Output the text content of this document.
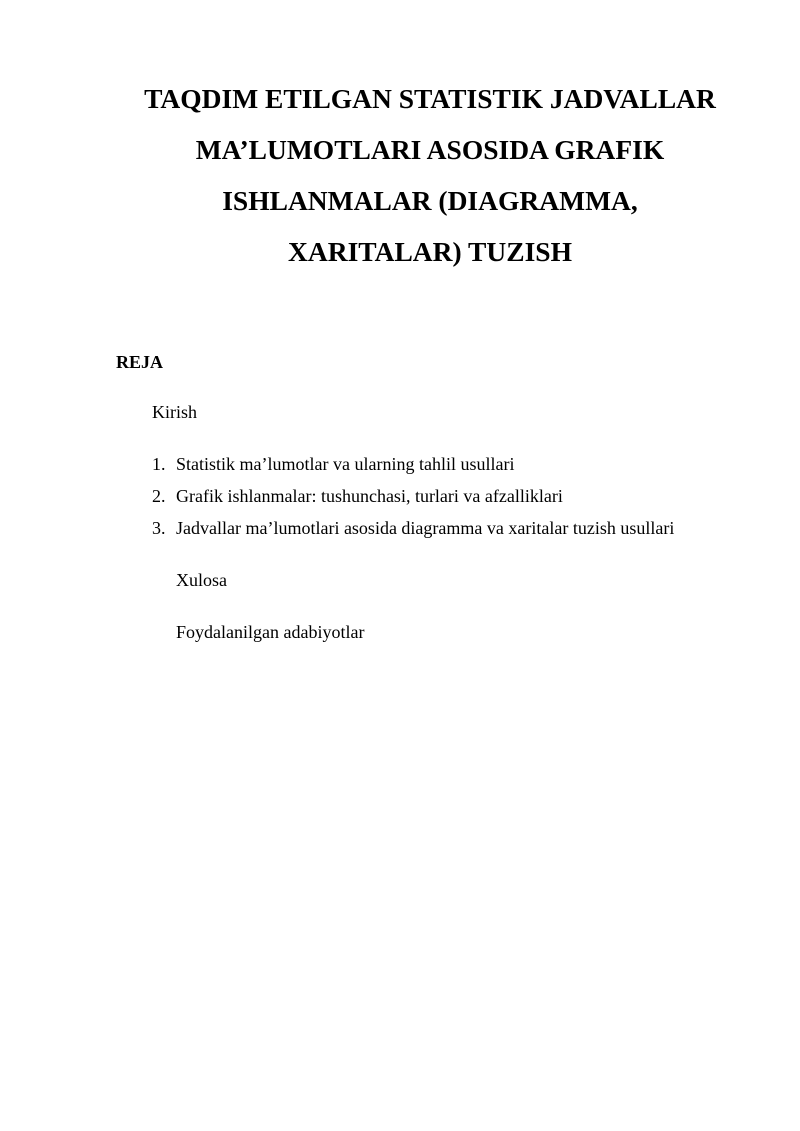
TAQDIM ETILGAN STATISTIK JADVALLAR
MA’LUMOTLARI ASOSIDA GRAFIK
ISHLANMALAR (DIAGRAMMA,
XARITALAR) TUZISH
REJA
Kirish
1. Statistik ma’lumotlar va ularning tahlil usullari
2. Grafik ishlanmalar: tushunchasi, turlari va afzalliklari
3. Jadvallar ma’lumotlari asosida diagramma va xaritalar tuzish usullari
Xulosa
Foydalanilgan adabiyotlar
